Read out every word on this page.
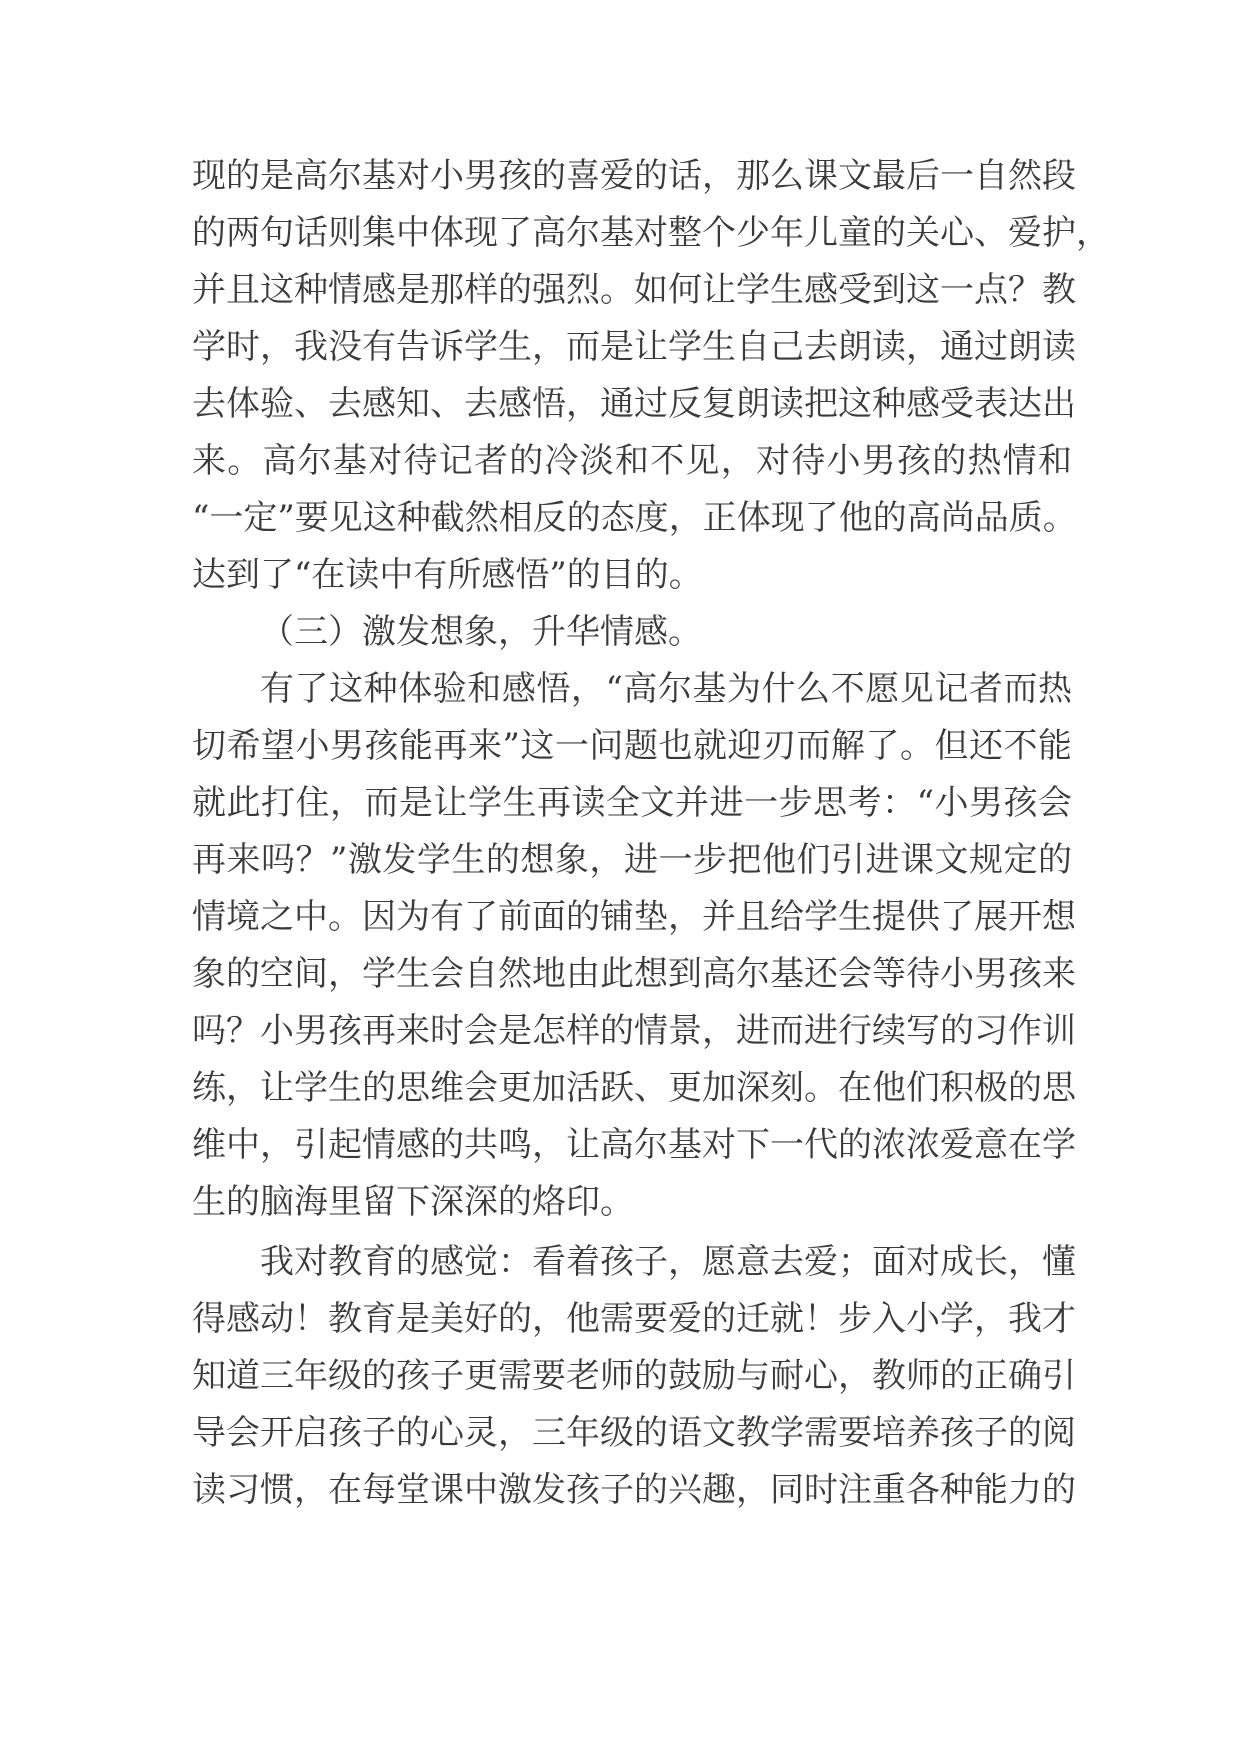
现的是高尔基对小男孩的喜爱的话，那么课文最后一自然段
的两句话则集中体现了高尔基对整个少年儿童的关心、爱护，
并且这种情感是那样的强烈。如何让学生感受到这一点？教
学时，我没有告诉学生，而是让学生自己去朗读，通过朗读
去体验、去感知、去感悟，通过反复朗读把这种感受表达出
来。高尔基对待记者的冷淡和不见，对待小男孩的热情和
“一定”要见这种截然相反的态度，正体现了他的高尚品质。
达到了“在读中有所感悟”的目的。
（三）激发想象，升华情感。
有了这种体验和感悟，“高尔基为什么不愿见记者而热
切希望小男孩能再来”这一问题也就迎刃而解了。但还不能
就此打住，而是让学生再读全文并进一步思考：“小男孩会
再来吗？”激发学生的想象，进一步把他们引进课文规定的
情境之中。因为有了前面的铺垫，并且给学生提供了展开想
象的空间，学生会自然地由此想到高尔基还会等待小男孩来
吗？小男孩再来时会是怎样的情景，进而进行续写的习作训
练，让学生的思维会更加活跃、更加深刻。在他们积极的思
维中，引起情感的共鸣，让高尔基对下一代的浓浓爱意在学
生的脑海里留下深深的烙印。
我对教育的感觉：看着孩子，愿意去爱；面对成长，懂
得感动！教育是美好的，他需要爱的迁就！步入小学，我才
知道三年级的孩子更需要老师的鼓励与耐心，教师的正确引
导会开启孩子的心灵，三年级的语文教学需要培养孩子的阅
读习惯，在每堂课中激发孩子的兴趣，同时注重各种能力的
